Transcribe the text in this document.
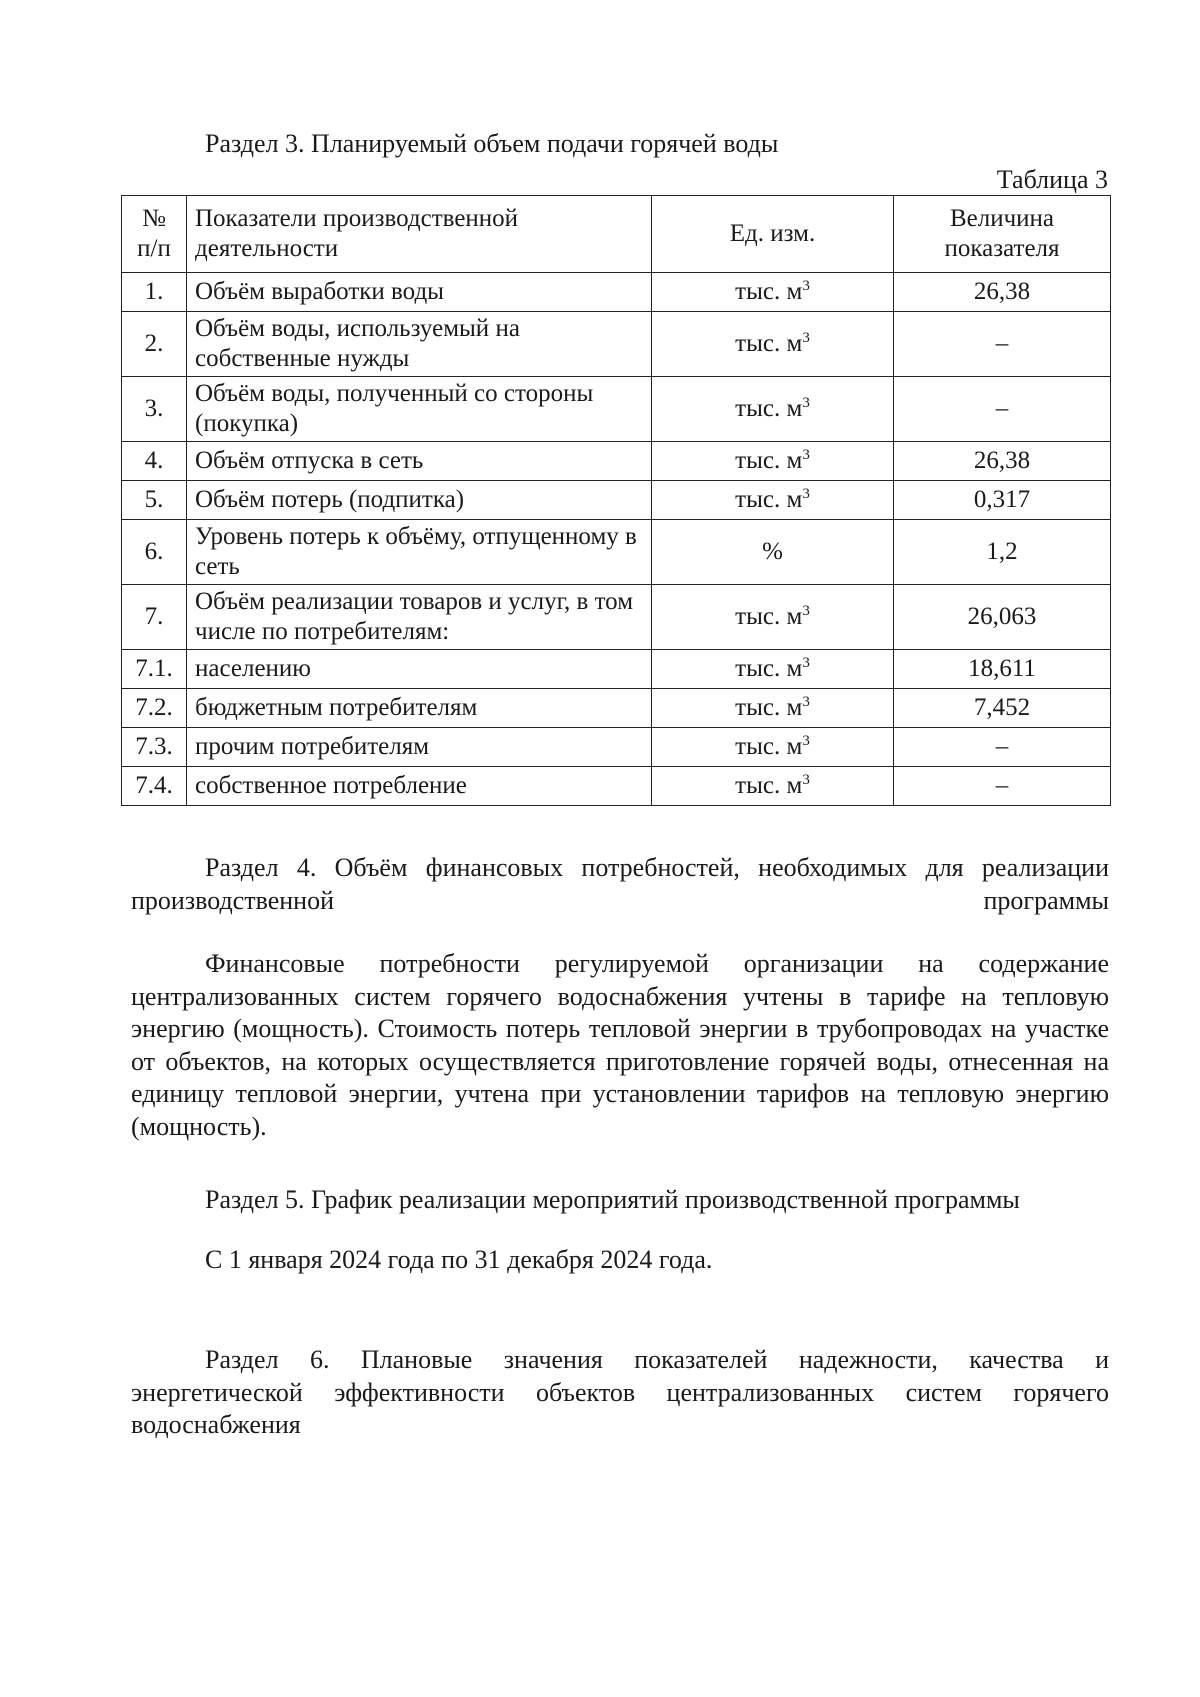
Раздел 3. Планируемый объем подачи горячей воды
Таблица 3
№ п/п	Показатели производственной деятельности	Ед. изм.	Величина показателя
1.	Объём выработки воды	тыс. $м^3$	26,38
2.	Объём воды, используемый на собственные нужды	тыс. $м^3$	–
3.	Объём воды, полученный со стороны (покупка)	тыс. $м^3$	–
4.	Объём отпуска в сеть	тыс. $м^3$	26,38
5.	Объём потерь (подпитка)	тыс. $м^3$	0,317
6.	Уровень потерь к объёму, отпущенному в сеть	%	1,2
7.	Объём реализации товаров и услуг, в том числе по потребителям:	тыс. $м^3$	26,063
7.1.	населению	тыс. $м^3$	18,611
7.2.	бюджетным потребителям	тыс. $м^3$	7,452
7.3.	прочим потребителям	тыс. $м^3$	–
7.4.	собственное потребление	тыс. $м^3$	–
Раздел 4. Объём финансовых потребностей, необходимых для реализации производственной программы
Финансовые потребности регулируемой организации на содержание централизованных систем горячего водоснабжения учтены в тарифе на тепловую энергию (мощность). Стоимость потерь тепловой энергии в трубопроводах на участке от объектов, на которых осуществляется приготовление горячей воды, отнесенная на единицу тепловой энергии, учтена при установлении тарифов на тепловую энергию (мощность).
Раздел 5. График реализации мероприятий производственной программы
С 1 января 2024 года по 31 декабря 2024 года.
Раздел 6. Плановые значения показателей надежности, качества и энергетической эффективности объектов централизованных систем горячего водоснабжения
